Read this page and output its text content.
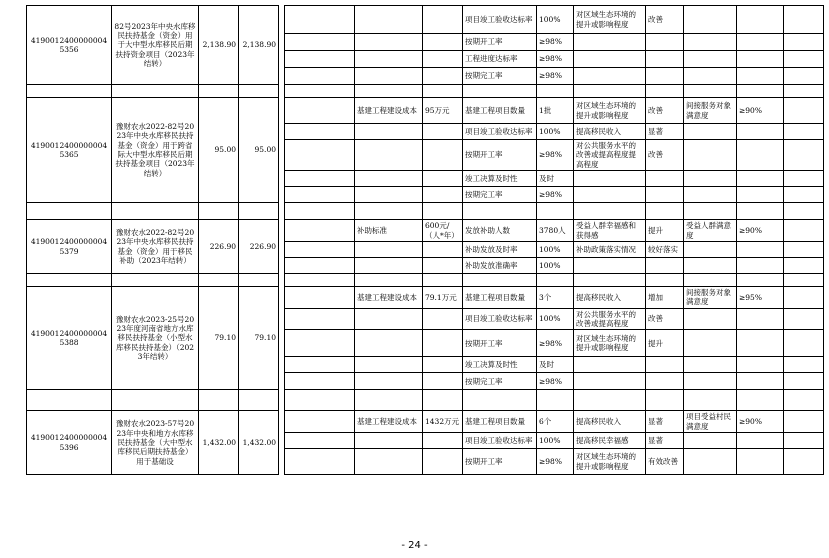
41900124000000045356	82号2023年中央水库移民扶持基金（资金）用于大中型水库移民后期扶持资金项目（2023年结转）	2,138.90	2,138.90					项目竣工验收达标率	100%	对区域生态环境的提升或影响程度	改善			
								按期开工率	≥98%					
								工程进度达标率	≥98%					
								按期完工率	≥98%					

41900124000000045365	豫财农水2022-82号2023年中央水库移民扶持基金（资金）用于跨省际大中型水库移民后期扶持基金项目（2023年结转）	95.00	95.00			基建工程建设成本	95万元	基建工程项目数量	1批	对区域生态环境的提升或影响程度	改善	间接服务对象满意度	≥90%	
								项目竣工验收达标率	100%	提高移民收入	显著			
								按期开工率	≥98%	对公共服务水平的改善或提高程度提高程度	改善			
								竣工决算及时性	及时					
								按期完工率	≥98%					

41900124000000045379	豫财农水2022-82号2023年中央水库移民扶持基金（资金）用于移民补助（2023年结转）	226.90	226.90			补助标准	600元/（人*年）	发放补助人数	3780人	受益人群幸福感和获得感	提升	受益人群满意度	≥90%	
								补助发放及时率	100%	补助政策落实情况	较好落实			
								补助发放准确率	100%					

41900124000000045388	豫财农水2023-25号2023年度河南省地方水库移民扶持基金（小型水库移民扶持基金）（2023年结转）	79.10	79.10			基建工程建设成本	79.1万元	基建工程项目数量	3个	提高移民收入	增加	间接服务对象满意度	≥95%	
								项目竣工验收达标率	100%	对公共服务水平的改善或提高程度	改善			
								按期开工率	≥98%	对区域生态环境的提升或影响程度	提升			
								竣工决算及时性	及时					
								按期完工率	≥98%					

41900124000000045396	豫财农水2023-57号2023年中央和地方水库移民扶持基金（大中型水库移民后期扶持基金）用于基础设	1,432.00	1,432.00			基建工程建设成本	1432万元	基建工程项目数量	6个	提高移民收入	显著	项目受益村民满意度	≥90%	
								项目竣工验收达标率	100%	提高移民幸福感	显著			
								按期开工率	≥98%	对区域生态环境的提升或影响程度	有效改善			
- 24 -
